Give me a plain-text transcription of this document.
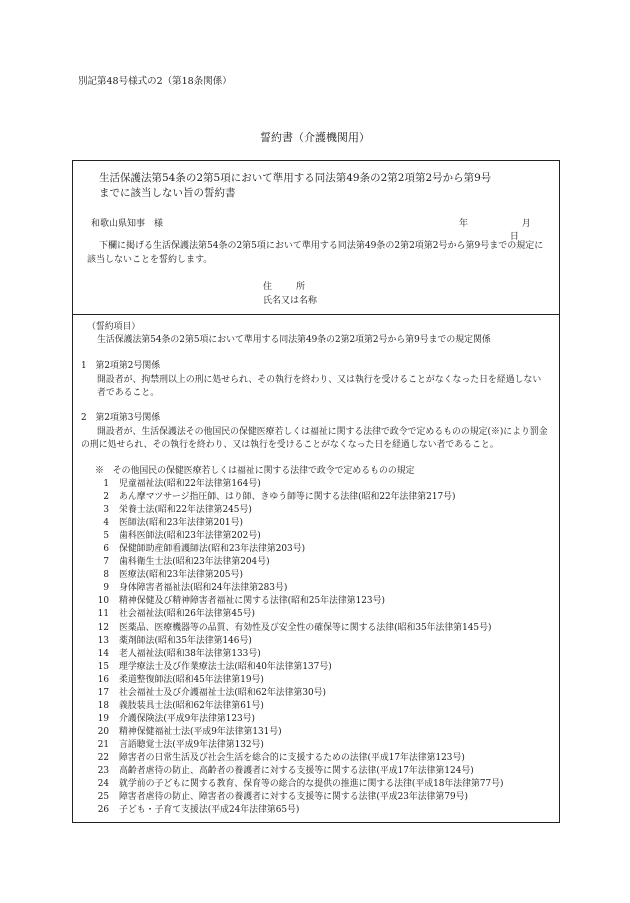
別記第48号様式の2（第18条関係）
誓約書（介護機関用）
生活保護法第54条の2第5項において準用する同法第49条の2第2項第2号から第9号
までに該当しない旨の誓約書
和歌山県知事　様	年	月  日
下欄に掲げる生活保護法第54条の2第5項において準用する同法第49条の2第2項第2号から第9号までの規定に該当しないことを誓約します。
住所
氏名又は名称
（誓約項目）
生活保護法第54条の2第5項において準用する同法第49条の2第2項第2号から第9号までの規定関係
1　第2項第2号関係
開設者が、拘禁刑以上の刑に処せられ、その執行を終わり、又は執行を受けることがなくなった日を経過しない者であること。
2　第2項第3号関係
開設者が、生活保護法その他国民の保健医療若しくは福祉に関する法律で政令で定めるものの規定(※)により罰金の刑に処せられ、その執行を終わり、又は執行を受けることがなくなった日を経過しない者であること。
※　その他国民の保健医療若しくは福祉に関する法律で政令で定めるものの規定
1 児童福祉法(昭和22年法律第164号)
2 あん摩マツサージ指圧師、はり師、きゆう師等に関する法律(昭和22年法律第217号)
3 栄養士法(昭和22年法律第245号)
4 医師法(昭和23年法律第201号)
5 歯科医師法(昭和23年法律第202号)
6 保健師助産師看護師法(昭和23年法律第203号)
7 歯科衛生士法(昭和23年法律第204号)
8 医療法(昭和23年法律第205号)
9 身体障害者福祉法(昭和24年法律第283号)
10 精神保健及び精神障害者福祉に関する法律(昭和25年法律第123号)
11 社会福祉法(昭和26年法律第45号)
12 医薬品、医療機器等の品質、有効性及び安全性の確保等に関する法律(昭和35年法律第145号)
13 薬剤師法(昭和35年法律第146号)
14 老人福祉法(昭和38年法律第133号)
15 理学療法士及び作業療法士法(昭和40年法律第137号)
16 柔道整復師法(昭和45年法律第19号)
17 社会福祉士及び介護福祉士法(昭和62年法律第30号)
18 義肢装具士法(昭和62年法律第61号)
19 介護保険法(平成9年法律第123号)
20 精神保健福祉士法(平成9年法律第131号)
21 言語聴覚士法(平成9年法律第132号)
22 障害者の日常生活及び社会生活を総合的に支援するための法律(平成17年法律第123号)
23 高齢者虐待の防止、高齢者の養護者に対する支援等に関する法律(平成17年法律第124号)
24 就学前の子どもに関する教育、保育等の総合的な提供の推進に関する法律(平成18年法律第77号)
25 障害者虐待の防止、障害者の養護者に対する支援等に関する法律(平成23年法律第79号)
26 子ども・子育て支援法(平成24年法律第65号)
